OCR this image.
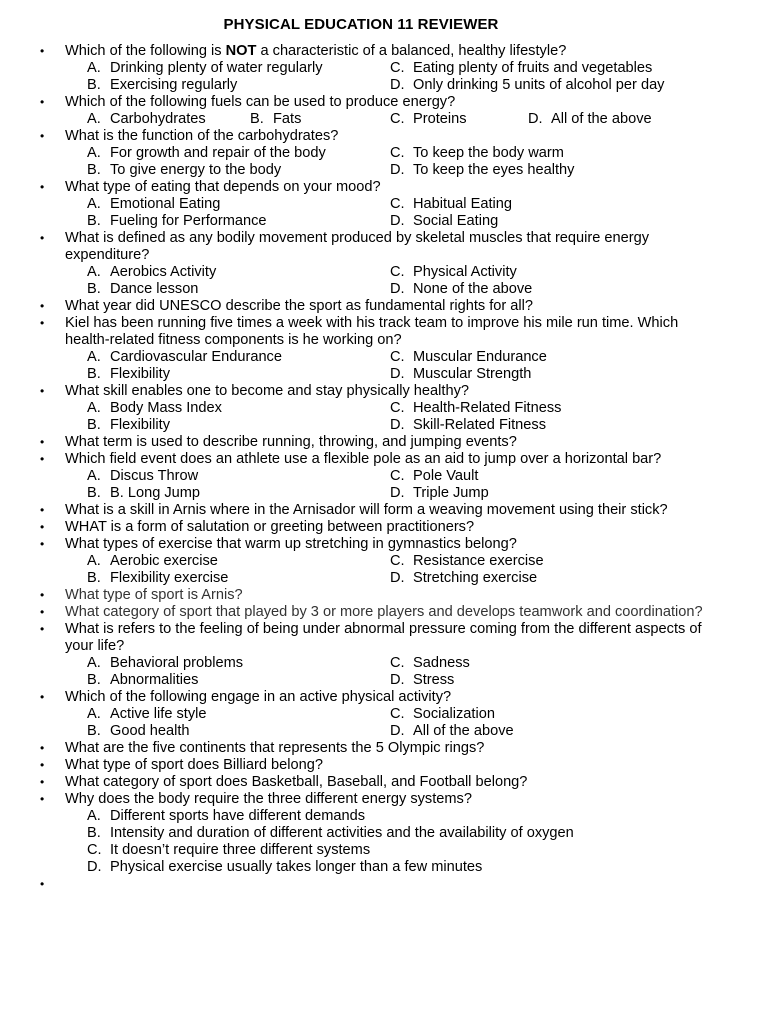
PHYSICAL EDUCATION 11 REVIEWER
• Which of the following is NOT a characteristic of a balanced, healthy lifestyle?
A. Drinking plenty of water regularly	C. Eating plenty of fruits and vegetables
B. Exercising regularly	D. Only drinking 5 units of alcohol per day
• Which of the following fuels can be used to produce energy?
A. Carbohydrates	B. Fats	C. Proteins	D. All of the above
• What is the function of the carbohydrates?
A. For growth and repair of the body	C. To keep the body warm
B. To give energy to the body	D. To keep the eyes healthy
• What type of eating that depends on your mood?
A. Emotional Eating	C. Habitual Eating
B. Fueling for Performance	D. Social Eating
• What is defined as any bodily movement produced by skeletal muscles that require energy expenditure?
A. Aerobics Activity	C. Physical Activity
B. Dance lesson	D. None of the above
• What year did UNESCO describe the sport as fundamental rights for all?
• Kiel has been running five times a week with his track team to improve his mile run time. Which health-related fitness components is he working on?
A. Cardiovascular Endurance	C. Muscular Endurance
B. Flexibility	D. Muscular Strength
• What skill enables one to become and stay physically healthy?
A. Body Mass Index	C. Health-Related Fitness
B. Flexibility	D. Skill-Related Fitness
• What term is used to describe running, throwing, and jumping events?
• Which field event does an athlete use a flexible pole as an aid to jump over a horizontal bar?
A. Discus Throw	C. Pole Vault
B. B. Long Jump	D. Triple Jump
• What is a skill in Arnis where in the Arnisador will form a weaving movement using their stick?
• WHAT is a form of salutation or greeting between practitioners?
• What types of exercise that warm up stretching in gymnastics belong?
A. Aerobic exercise	C. Resistance exercise
B. Flexibility exercise	D. Stretching exercise
• What type of sport is Arnis?
• What category of sport that played by 3 or more players and develops teamwork and coordination?
• What is refers to the feeling of being under abnormal pressure coming from the different aspects of your life?
A. Behavioral problems	C. Sadness
B. Abnormalities	D. Stress
• Which of the following engage in an active physical activity?
A. Active life style	C. Socialization
B. Good health	D. All of the above
• What are the five continents that represents the 5 Olympic rings?
• What type of sport does Billiard belong?
• What category of sport does Basketball, Baseball, and Football belong?
• Why does the body require the three different energy systems?
A. Different sports have different demands
B. Intensity and duration of different activities and the availability of oxygen
C. It doesn’t require three different systems
D. Physical exercise usually takes longer than a few minutes
•
